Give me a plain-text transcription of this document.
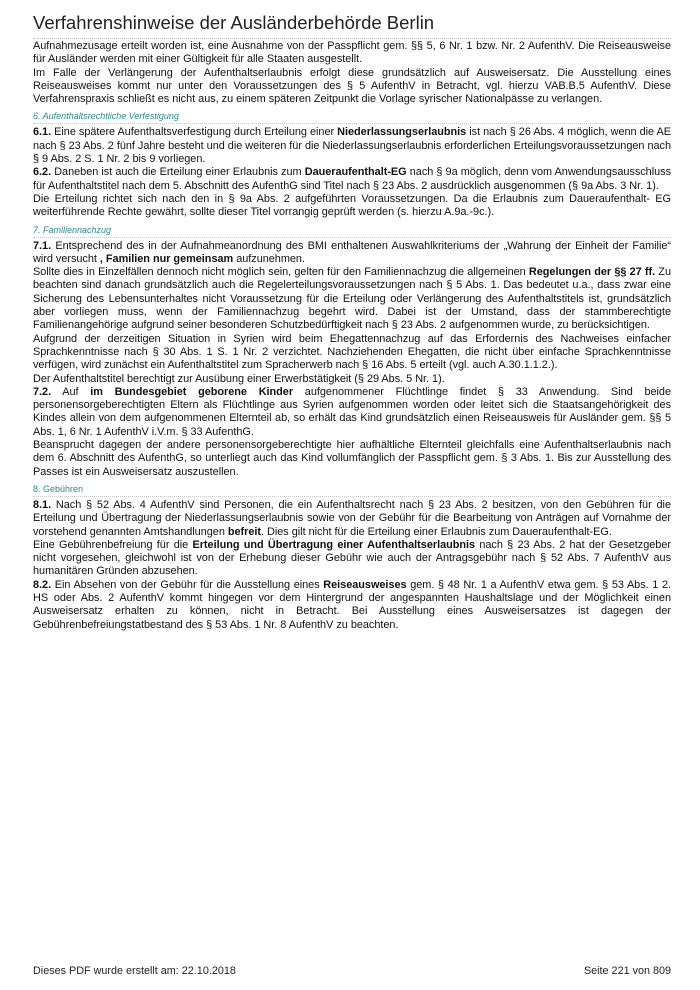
Verfahrenshinweise der Ausländerbehörde Berlin

Aufnahmezusage erteilt worden ist, eine Ausnahme von der Passpflicht gem. §§ 5, 6 Nr. 1 bzw. Nr. 2 AufenthV. Die Reiseausweise für Ausländer werden mit einer Gültigkeit für alle Staaten ausgestellt.

Im Falle der Verlängerung der Aufenthaltserlaubnis erfolgt diese grundsätzlich auf Ausweisersatz. Die Ausstellung eines Reiseausweises kommt nur unter den Voraussetzungen des § 5 AufenthV in Betracht, vgl. hierzu VAB.B.5 AufenthV. Diese Verfahrenspraxis schließt es nicht aus, zu einem späteren Zeitpunkt die Vorlage syrischer Nationalpässe zu verlangen.

6. Aufenthaltsrechtliche Verfestigung

6.1. Eine spätere Aufenthaltsverfestigung durch Erteilung einer Niederlassungserlaubnis ist nach § 26 Abs. 4 möglich, wenn die AE nach § 23 Abs. 2 fünf Jahre besteht und die weiteren für die Niederlassungserlaubnis erforderlichen Erteilungsvoraussetzungen nach § 9 Abs. 2 S. 1 Nr. 2 bis 9 vorliegen.

6.2. Daneben ist auch die Erteilung einer Erlaubnis zum Daueraufenthalt-EG nach § 9a möglich, denn vom Anwendungsausschluss für Aufenthaltstitel nach dem 5. Abschnitt des AufenthG sind Titel nach § 23 Abs. 2 ausdrücklich ausgenommen (§ 9a Abs. 3 Nr. 1).

Die Erteilung richtet sich nach den in § 9a Abs. 2 aufgeführten Voraussetzungen. Da die Erlaubnis zum Daueraufenthalt- EG weiterführende Rechte gewährt, sollte dieser Titel vorrangig geprüft werden (s. hierzu A.9a.-9c.).

7. Familiennachzug

7.1. Entsprechend des in der Aufnahmeanordnung des BMI enthaltenen Auswahlkriteriums der „Wahrung der Einheit der Familie“ wird versucht , Familien nur gemeinsam aufzunehmen.

Sollte dies in Einzelfällen dennoch nicht möglich sein, gelten für den Familiennachzug die allgemeinen Regelungen der §§ 27 ff. Zu beachten sind danach grundsätzlich auch die Regelerteilungsvoraussetzungen nach § 5 Abs. 1. Das bedeutet u.a., dass zwar eine Sicherung des Lebensunterhaltes nicht Voraussetzung für die Erteilung oder Verlängerung des Aufenthaltstitels ist, grundsätzlich aber vorliegen muss, wenn der Familiennachzug begehrt wird. Dabei ist der Umstand, dass der stammberechtigte Familienangehörige aufgrund seiner besonderen Schutzbedürftigkeit nach § 23 Abs. 2 aufgenommen wurde, zu berücksichtigen.

Aufgrund der derzeitigen Situation in Syrien wird beim Ehegattennachzug auf das Erfordernis des Nachweises einfacher Sprachkenntnisse nach § 30 Abs. 1 S. 1 Nr. 2 verzichtet. Nachziehenden Ehegatten, die nicht über einfache Sprachkenntnisse verfügen, wird zunächst ein Aufenthaltstitel zum Spracherwerb nach § 16 Abs. 5 erteilt (vgl. auch A.30.1.1.2.).

Der Aufenthaltstitel berechtigt zur Ausübung einer Erwerbstätigkeit (§ 29 Abs. 5 Nr. 1).

7.2. Auf im Bundesgebiet geborene Kinder aufgenommener Flüchtlinge findet § 33 Anwendung. Sind beide personensorgeberechtigten Eltern als Flüchtlinge aus Syrien aufgenommen worden oder leitet sich die Staatsangehörigkeit des Kindes allein von dem aufgenommenen Elternteil ab, so erhält das Kind grundsätzlich einen Reiseausweis für Ausländer gem. §§ 5 Abs. 1, 6 Nr. 1 AufenthV i.V.m. § 33 AufenthG.

Beansprucht dagegen der andere personensorgeberechtigte hier aufhältliche Elternteil gleichfalls eine Aufenthaltserlaubnis nach dem 6. Abschnitt des AufenthG, so unterliegt auch das Kind vollumfänglich der Passpflicht gem. § 3 Abs. 1. Bis zur Ausstellung des Passes ist ein Ausweisersatz auszustellen.

8. Gebühren

8.1. Nach § 52 Abs. 4 AufenthV sind Personen, die ein Aufenthaltsrecht nach § 23 Abs. 2 besitzen, von den Gebühren für die Erteilung und Übertragung der Niederlassungserlaubnis sowie von der Gebühr für die Bearbeitung von Anträgen auf Vornahme der vorstehend genannten Amtshandlungen befreit. Dies gilt nicht für die Erteilung einer Erlaubnis zum Daueraufenthalt-EG.

Eine Gebührenbefreiung für die Erteilung und Übertragung einer Aufenthaltserlaubnis nach § 23 Abs. 2 hat der Gesetzgeber nicht vorgesehen, gleichwohl ist von der Erhebung dieser Gebühr wie auch der Antragsgebühr nach § 52 Abs. 7 AufenthV aus humanitären Gründen abzusehen.

8.2. Ein Absehen von der Gebühr für die Ausstellung eines Reiseausweises gem. § 48 Nr. 1 a AufenthV etwa gem. § 53 Abs. 1 2. HS oder Abs. 2 AufenthV kommt hingegen vor dem Hintergrund der angespannten Haushaltslage und der Möglichkeit einen Ausweisersatz erhalten zu können, nicht in Betracht. Bei Ausstellung eines Ausweisersatzes ist dagegen der Gebührenbefreiungstatbestand des § 53 Abs. 1 Nr. 8 AufenthV zu beachten.

Dieses PDF wurde erstellt am: 22.10.2018	Seite 221 von 809
